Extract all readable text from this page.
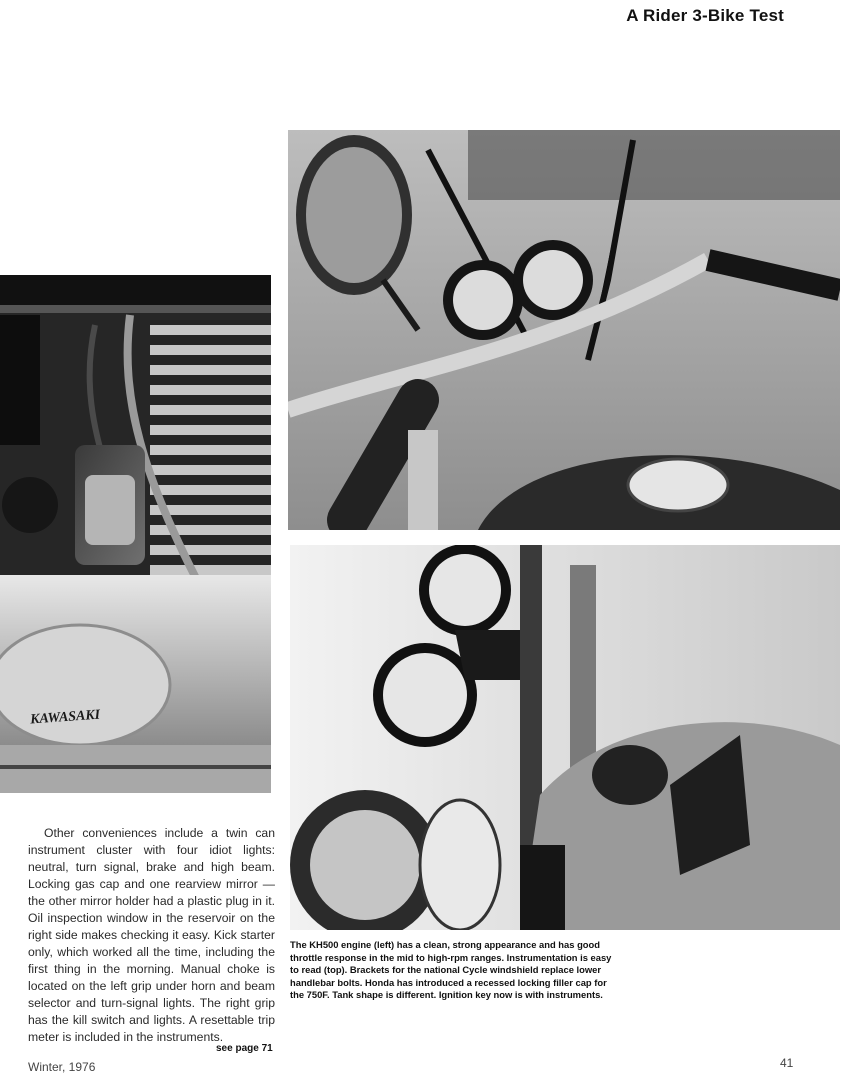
A Rider 3-Bike Test
KAWASAKI
Other conveniences include a twin can instrument cluster with four idiot lights: neutral, turn signal, brake and high beam. Locking gas cap and one rearview mirror — the other mirror holder had a plastic plug in it. Oil inspection window in the reservoir on the right side makes checking it easy. Kick starter only, which worked all the time, including the first thing in the morning. Manual choke is located on the left grip under horn and beam selector and turn-signal lights. The right grip has the kill switch and lights. A resettable trip meter is included in the instruments.
see page 71
The KH500 engine (left) has a clean, strong appearance and has good throttle response in the mid to high-rpm ranges. Instrumentation is easy to read (top). Brackets for the national Cycle windshield replace lower handlebar bolts. Honda has introduced a recessed locking filler cap for the 750F. Tank shape is different. Ignition key now is with instruments.
Winter, 1976	41
